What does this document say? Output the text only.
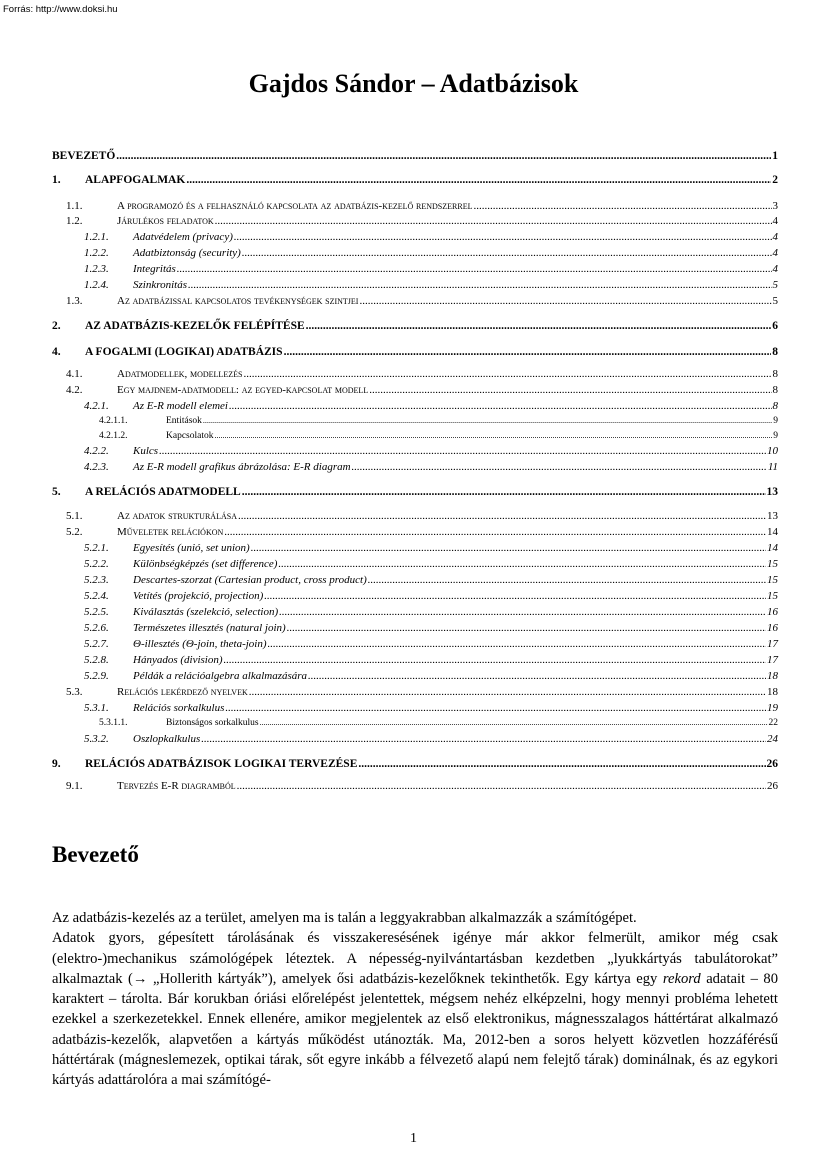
Forrás: http://www.doksi.hu
Gajdos Sándor – Adatbázisok
BEVEZETŐ .....	1
1.	ALAPFOGALMAK .....	2
1.1.	A programozó és a felhasználó kapcsolata az adatbázis-kezelő rendszerrel .....	3
1.2.	Járulékos feladatok .....	4
1.2.1.	Adatvédelem (privacy) .....	4
1.2.2.	Adatbiztonság (security) .....	4
1.2.3.	Integritás .....	4
1.2.4.	Szinkronitás .....	5
1.3.	Az adatbázissal kapcsolatos tevékenységek szintjei .....	5
2.	AZ ADATBÁZIS-KEZELŐK FELÉPÍTÉSE .....	6
4.	A FOGALMI (LOGIKAI) ADATBÁZIS .....	8
4.1.	Adatmodellek, modellezés .....	8
4.2.	Egy majdnem-adatmodell: az egyed-kapcsolat modell .....	8
4.2.1.	Az E-R modell elemei .....	8
4.2.1.1.	Entitások .....	9
4.2.1.2.	Kapcsolatok .....	9
4.2.2.	Kulcs .....	10
4.2.3.	Az E-R modell grafikus ábrázolása: E-R diagram .....	11
5.	A RELÁCIÓS ADATMODELL .....	13
5.1.	Az adatok strukturálása .....	13
5.2.	Műveletek relációkon .....	14
5.2.1.	Egyesítés (unió, set union) .....	14
5.2.2.	Különbségképzés (set difference) .....	15
5.2.3.	Descartes-szorzat (Cartesian product, cross product) .....	15
5.2.4.	Vetítés (projekció, projection) .....	15
5.2.5.	Kiválasztás (szelekció, selection) .....	16
5.2.6.	Természetes illesztés (natural join) .....	16
5.2.7.	Θ-illesztés (Θ-join, theta-join) .....	17
5.2.8.	Hányados (division) .....	17
5.2.9.	Példák a relációalgebra alkalmazására .....	18
5.3.	Relációs lekérdező nyelvek .....	18
5.3.1.	Relációs sorkalkulus .....	19
5.3.1.1.	Biztonságos sorkalkulus .....	22
5.3.2.	Oszlopkalkulus .....	24
9.	RELÁCIÓS ADATBÁZISOK LOGIKAI TERVEZÉSE .....	26
9.1.	Tervezés E-R diagramból .....	26
Bevezető

Az adatbázis-kezelés az a terület, amelyen ma is talán a leggyakrabban alkalmazzák a számítógépet.

Adatok gyors, gépesített tárolásának és visszakeresésének igénye már akkor felmerült, amikor még csak (elektro-)mechanikus számológépek léteztek. A népesség-nyilvántartásban kezdetben „lyukkártyás tabulátorokat” alkalmaztak (→ „Hollerith kártyák”), amelyek ősi adatbázis-kezelőknek tekinthetők. Egy kártya egy rekord adatait – 80 karaktert – tárolta. Bár korukban óriási előrelépést jelentettek, mégsem nehéz elképzelni, hogy mennyi probléma lehetett ezekkel a szerkezetekkel. Ennek ellenére, amikor megjelentek az első elektronikus, mágnesszalagos háttértárat alkalmazó adatbázis-kezelők, alapvetően a kártyás működést utánozták. Ma, 2012-ben a soros helyett közvetlen hozzáférésű háttértárak (mágneslemezek, optikai tárak, sőt egyre inkább a félvezető alapú nem felejtő tárak) dominálnak, és az egykori kártyás adattárolóra a mai számítógé-

1
